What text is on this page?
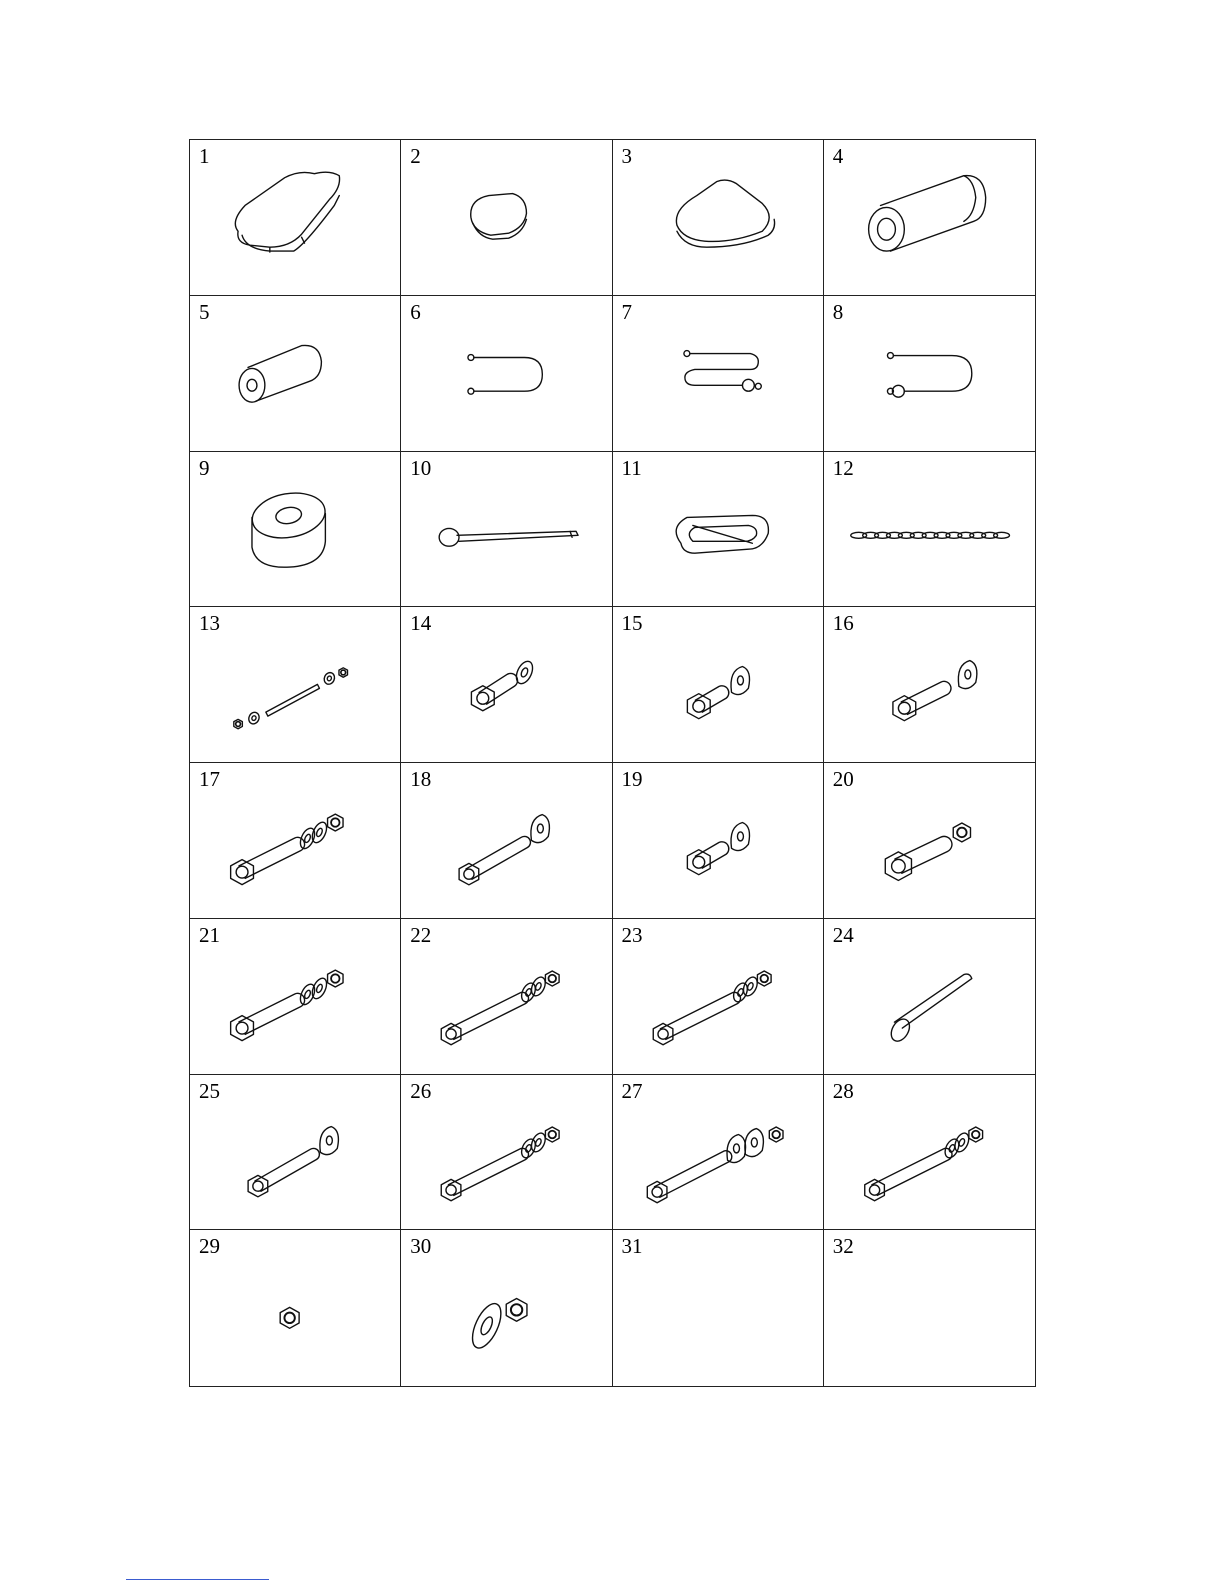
1	2	3	4
5	6	7	8
9	10	11	12
13	14	15	16
17	18	19	20
21	22	23	24
25	26	27	28
29	30	31	32
